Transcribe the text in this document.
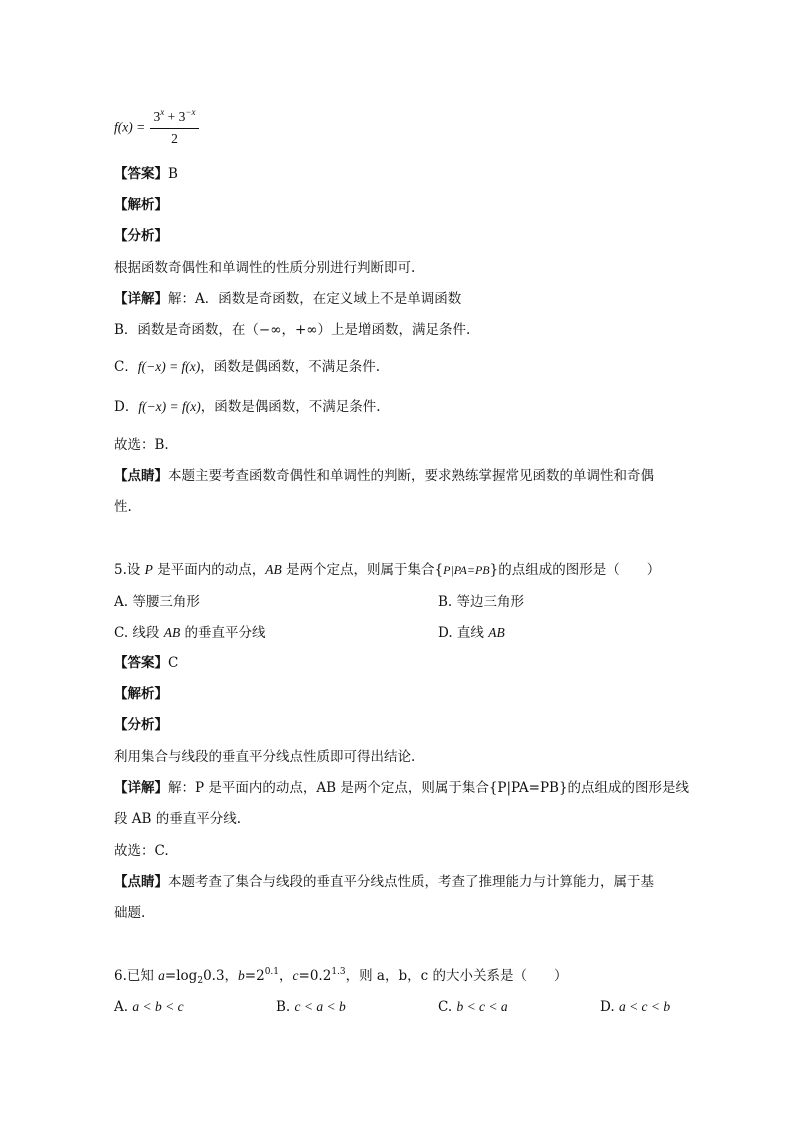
$f(x) = \frac{3^x + 3^{-x}}{2}$
【答案】B
【解析】
【分析】
根据函数奇偶性和单调性的性质分别进行判断即可.
【详解】解：A．函数是奇函数，在定义域上不是单调函数
B．函数是奇函数，在（−∞，+∞）上是增函数，满足条件.
C．f(−x) = f(x)，函数是偶函数，不满足条件.
D．f(−x) = f(x)，函数是偶函数，不满足条件.
故选：B.
【点睛】本题主要考查函数奇偶性和单调性的判断，要求熟练掌握常见函数的单调性和奇偶
性.
5.设 P 是平面内的动点，AB 是两个定点，则属于集合{P|PA=PB}的点组成的图形是（　　）
A. 等腰三角形	B. 等边三角形
C. 线段 AB 的垂直平分线	D. 直线 AB
【答案】C
【解析】
【分析】
利用集合与线段的垂直平分线点性质即可得出结论.
【详解】解：P 是平面内的动点，AB 是两个定点，则属于集合{P|PA=PB}的点组成的图形是线
段 AB 的垂直平分线.
故选：C.
【点睛】本题考查了集合与线段的垂直平分线点性质，考查了推理能力与计算能力，属于基
础题.
6.已知 $a=\log_20.3$，$b=2^{0.1}$，$c=0.2^{1.3}$，则 a，b，c 的大小关系是（　　）
A. a < b < c	B. c < a < b	C. b < c < a	D. a < c < b
